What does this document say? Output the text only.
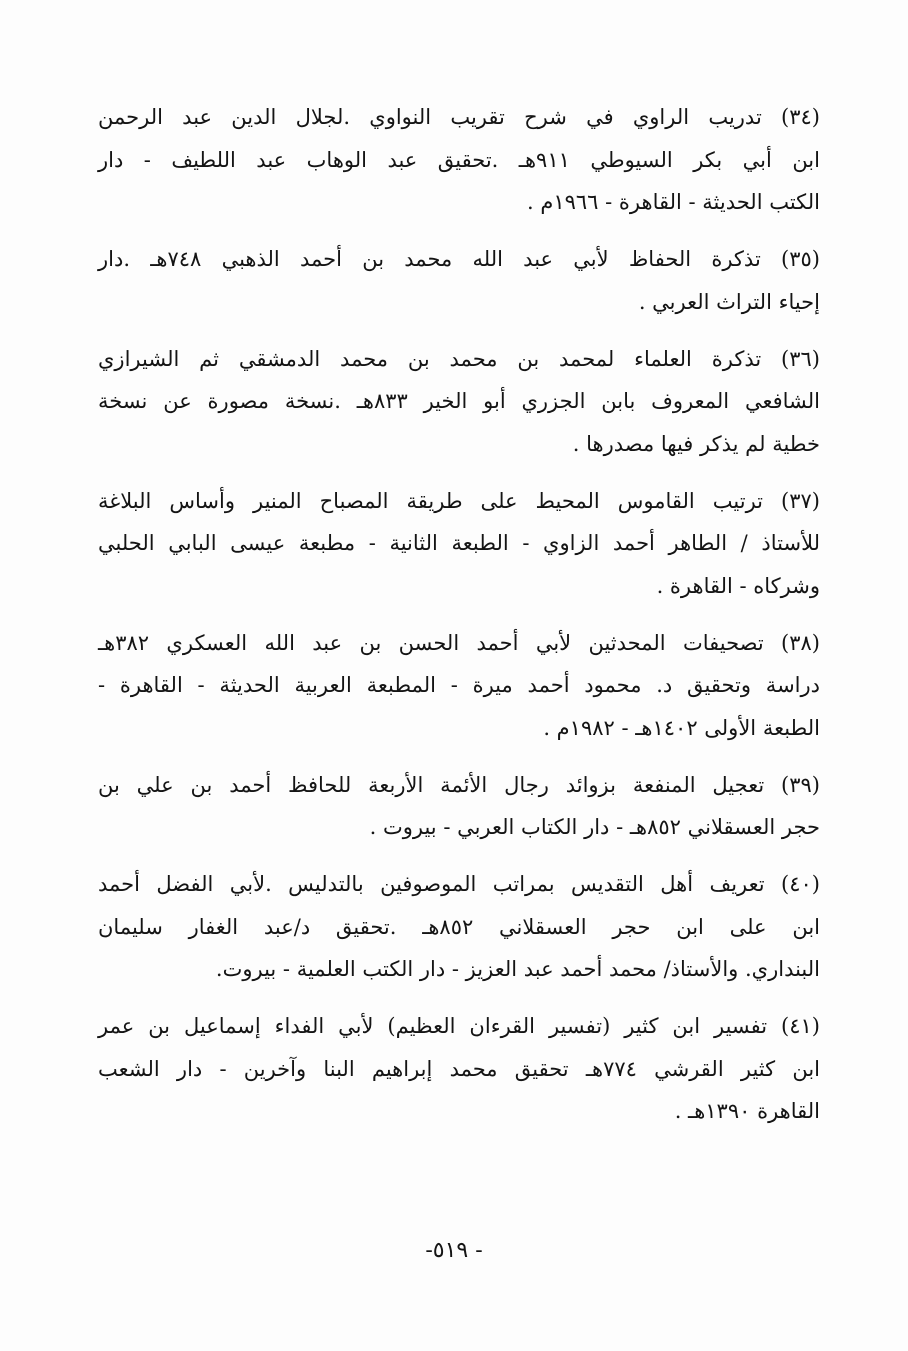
(٣٤) تدريب الراوي في شرح تقريب النواوي .لجلال الدين عبد الرحمن
ابن أبي بكر السيوطي ٩١١هـ .تحقيق عبد الوهاب عبد اللطيف - دار
الكتب الحديثة - القاهرة - ١٩٦٦م .
(٣٥) تذكرة الحفاظ لأبي عبد الله محمد بن أحمد الذهبي ٧٤٨هـ .دار
إحياء التراث العربي .
(٣٦) تذكرة العلماء لمحمد بن محمد بن محمد الدمشقي ثم الشيرازي
الشافعي المعروف بابن الجزري أبو الخير ٨٣٣هـ .نسخة مصورة عن نسخة
خطية لم يذكر فيها مصدرها .
(٣٧) ترتيب القاموس المحيط على طريقة المصباح المنير وأساس البلاغة
للأستاذ / الطاهر أحمد الزاوي - الطبعة الثانية - مطبعة عيسى البابي الحلبي
وشركاه - القاهرة .
(٣٨) تصحيفات المحدثين لأبي أحمد الحسن بن عبد الله العسكري ٣٨٢هـ
دراسة وتحقيق د. محمود أحمد ميرة - المطبعة العربية الحديثة - القاهرة -
الطبعة الأولى ١٤٠٢هـ - ١٩٨٢م .
(٣٩) تعجيل المنفعة بزوائد رجال الأئمة الأربعة للحافظ أحمد بن علي بن
حجر العسقلاني ٨٥٢هـ - دار الكتاب العربي - بيروت .
(٤٠) تعريف أهل التقديس بمراتب الموصوفين بالتدليس .لأبي الفضل أحمد
ابن على ابن حجر العسقلاني ٨٥٢هـ .تحقيق د/عبد الغفار سليمان
البنداري. والأستاذ/ محمد أحمد عبد العزيز - دار الكتب العلمية - بيروت.
(٤١) تفسير ابن كثير (تفسير القرءان العظيم) لأبي الفداء إسماعيل بن عمر
ابن كثير القرشي ٧٧٤هـ تحقيق محمد إبراهيم البنا وآخرين - دار الشعب
القاهرة ١٣٩٠هـ .
- ٥١٩-
